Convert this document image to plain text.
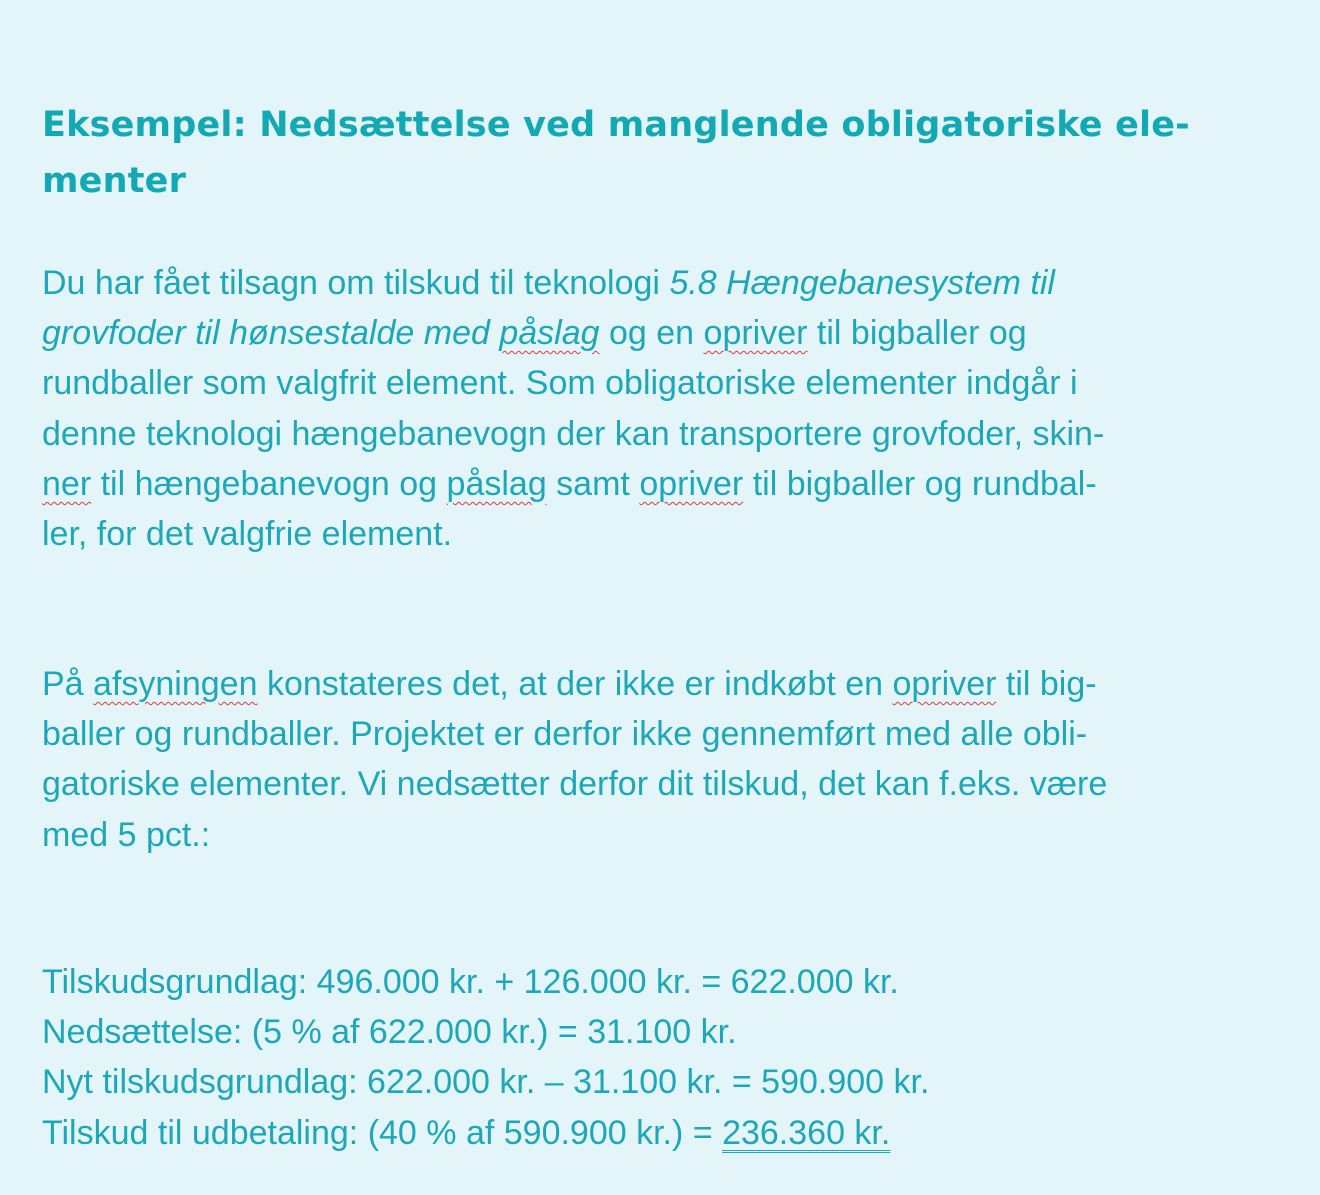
Eksempel: Nedsættelse ved manglende obligatoriske ele-
menter

Du har fået tilsagn om tilskud til teknologi 5.8 Hængebanesystem til
grovfoder til hønsestalde med påslag og en opriver til bigballer og
rundballer som valgfrit element. Som obligatoriske elementer indgår i
denne teknologi hængebanevogn der kan transportere grovfoder, skin-
ner til hængebanevogn og påslag samt opriver til bigballer og rundbal-
ler, for det valgfrie element.

På afsyningen konstateres det, at der ikke er indkøbt en opriver til big-
baller og rundballer. Projektet er derfor ikke gennemført med alle obli-
gatoriske elementer. Vi nedsætter derfor dit tilskud, det kan f.eks. være
med 5 pct.:

Tilskudsgrundlag: 496.000 kr. + 126.000 kr. = 622.000 kr.
Nedsættelse: (5 % af 622.000 kr.) = 31.100 kr.
Nyt tilskudsgrundlag: 622.000 kr. – 31.100 kr. = 590.900 kr.
Tilskud til udbetaling: (40 % af 590.900 kr.) = 236.360 kr.
